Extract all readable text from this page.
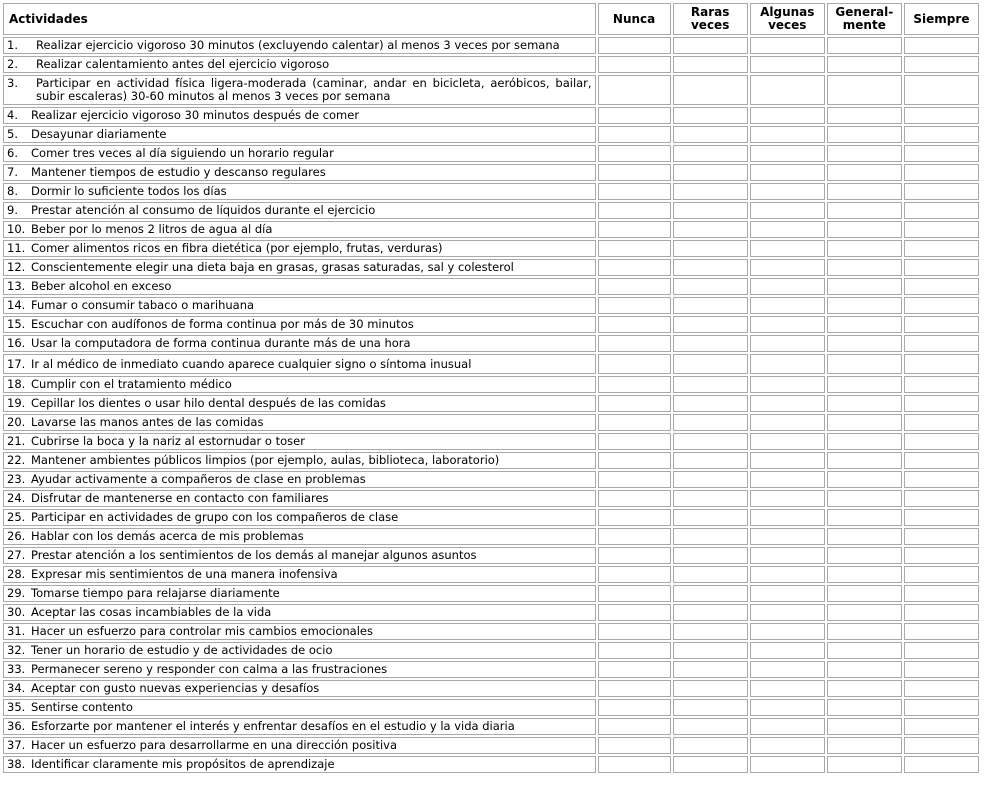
Actividades	Nunca	Raras veces	Algunas veces	General- mente	Siempre
1. Realizar ejercicio vigoroso 30 minutos (excluyendo calentar) al menos 3 veces por semana					
2. Realizar calentamiento antes del ejercicio vigoroso					

3. Participar en actividad física ligera-moderada (caminar, andar en bicicleta, aeróbicos, bailar, subir escaleras) 30-60 minutos al menos 3 veces por semana					

4. Realizar ejercicio vigoroso 30 minutos después de comer					
5. Desayunar diariamente					
6. Comer tres veces al día siguiendo un horario regular					
7. Mantener tiempos de estudio y descanso regulares					
8. Dormir lo suficiente todos los días					
9. Prestar atención al consumo de líquidos durante el ejercicio					
10. Beber por lo menos 2 litros de agua al día					
11. Comer alimentos ricos en fibra dietética (por ejemplo, frutas, verduras)					
12. Conscientemente elegir una dieta baja en grasas, grasas saturadas, sal y colesterol					
13. Beber alcohol en exceso					
14. Fumar o consumir tabaco o marihuana					
15. Escuchar con audífonos de forma continua por más de 30 minutos					
16. Usar la computadora de forma continua durante más de una hora					
17. Ir al médico de inmediato cuando aparece cualquier signo o síntoma inusual					
18. Cumplir con el tratamiento médico					
19. Cepillar los dientes o usar hilo dental después de las comidas					
20. Lavarse las manos antes de las comidas					
21. Cubrirse la boca y la nariz al estornudar o toser					
22. Mantener ambientes públicos limpios (por ejemplo, aulas, biblioteca, laboratorio)					
23. Ayudar activamente a compañeros de clase en problemas					
24. Disfrutar de mantenerse en contacto con familiares					
25. Participar en actividades de grupo con los compañeros de clase					
26. Hablar con los demás acerca de mis problemas					
27. Prestar atención a los sentimientos de los demás al manejar algunos asuntos					
28. Expresar mis sentimientos de una manera inofensiva					
29. Tomarse tiempo para relajarse diariamente					
30. Aceptar las cosas incambiables de la vida					
31. Hacer un esfuerzo para controlar mis cambios emocionales					
32. Tener un horario de estudio y de actividades de ocio					
33. Permanecer sereno y responder con calma a las frustraciones					
34. Aceptar con gusto nuevas experiencias y desafíos					
35. Sentirse contento					
36. Esforzarte por mantener el interés y enfrentar desafíos en el estudio y la vida diaria					
37. Hacer un esfuerzo para desarrollarme en una dirección positiva					
38. Identificar claramente mis propósitos de aprendizaje					
